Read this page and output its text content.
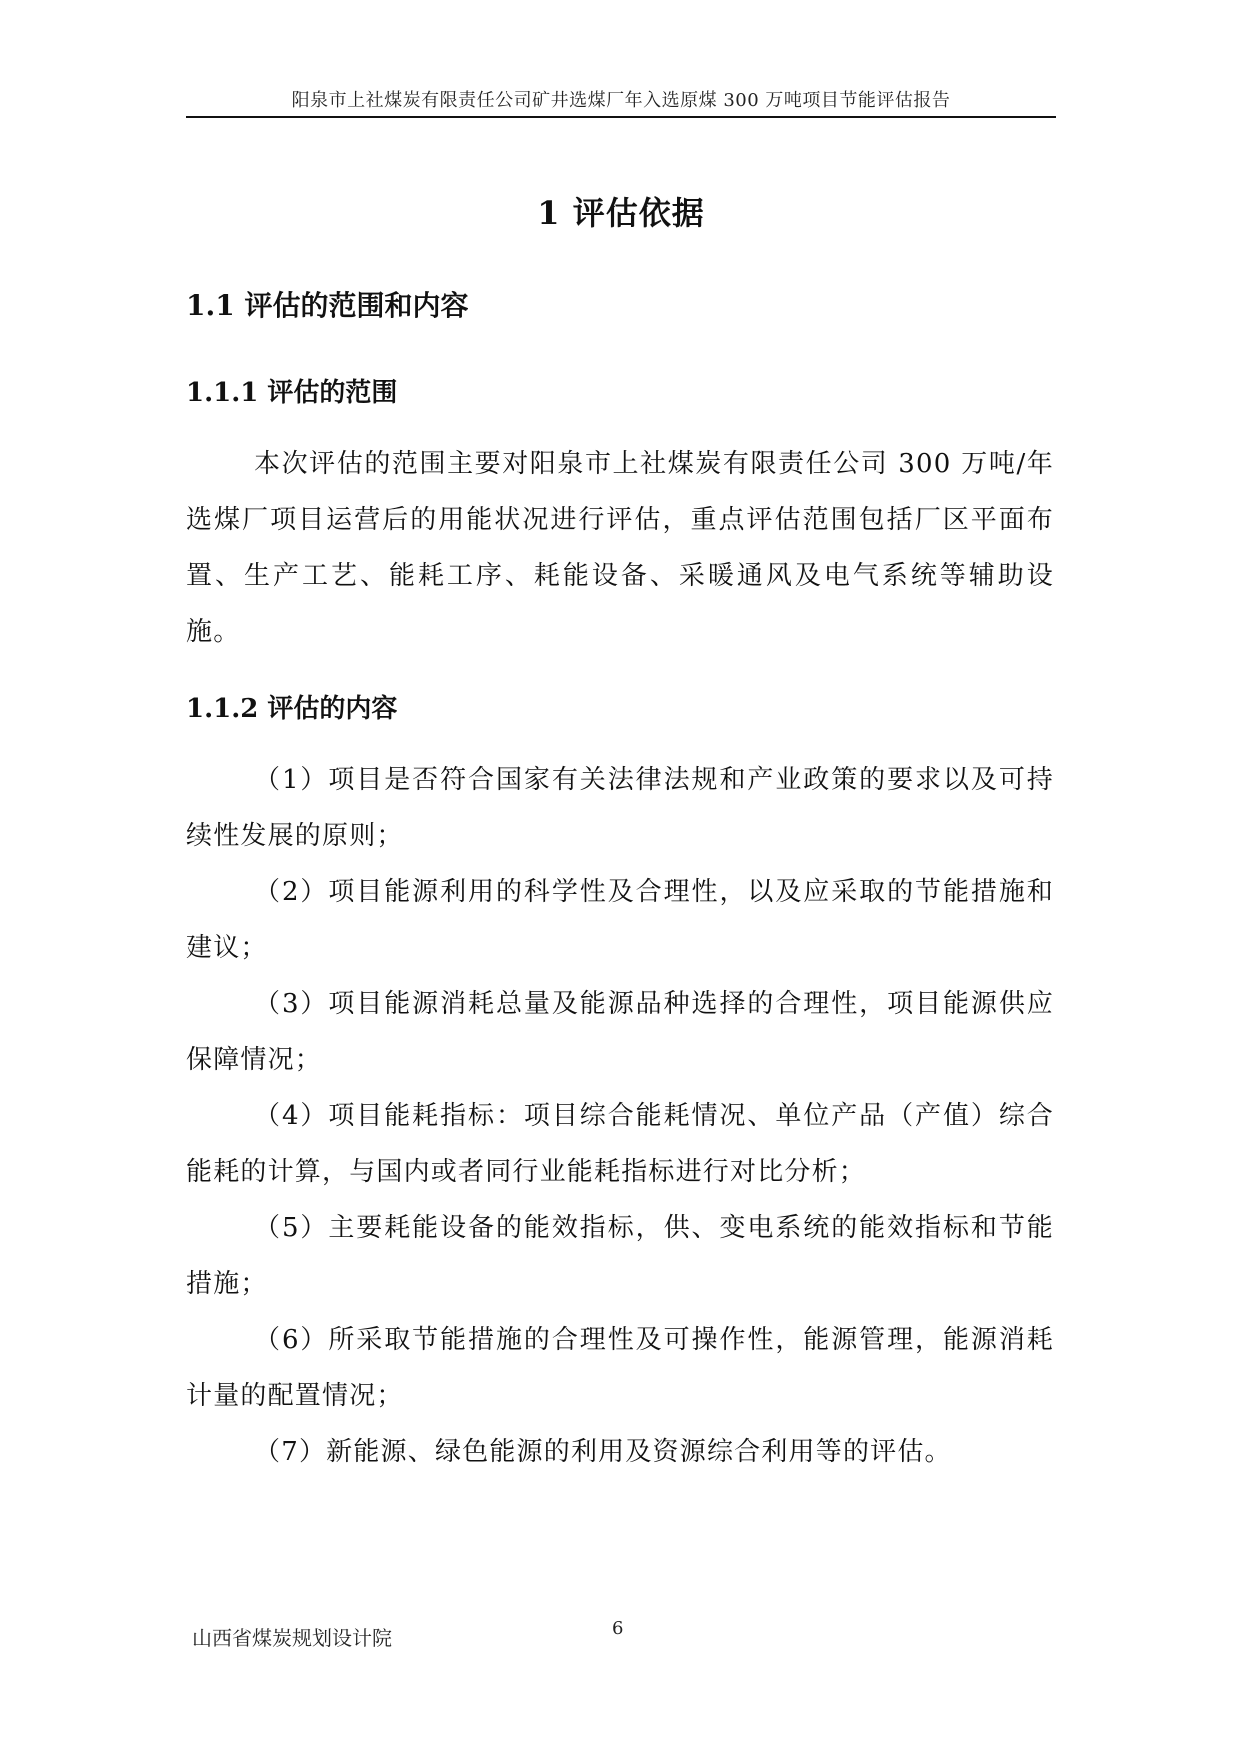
阳泉市上社煤炭有限责任公司矿井选煤厂年入选原煤 300 万吨项目节能评估报告
1 评估依据
1.1 评估的范围和内容
1.1.1 评估的范围
本次评估的范围主要对阳泉市上社煤炭有限责任公司 300 万吨/年选煤厂项目运营后的用能状况进行评估，重点评估范围包括厂区平面布置、生产工艺、能耗工序、耗能设备、采暖通风及电气系统等辅助设施。
1.1.2 评估的内容
（1）项目是否符合国家有关法律法规和产业政策的要求以及可持续性发展的原则；
（2）项目能源利用的科学性及合理性，以及应采取的节能措施和建议；
（3）项目能源消耗总量及能源品种选择的合理性，项目能源供应保障情况；
（4）项目能耗指标：项目综合能耗情况、单位产品（产值）综合能耗的计算，与国内或者同行业能耗指标进行对比分析；
（5）主要耗能设备的能效指标，供、变电系统的能效指标和节能措施；
（6）所采取节能措施的合理性及可操作性，能源管理，能源消耗计量的配置情况；
（7）新能源、绿色能源的利用及资源综合利用等的评估。
山西省煤炭规划设计院	6
